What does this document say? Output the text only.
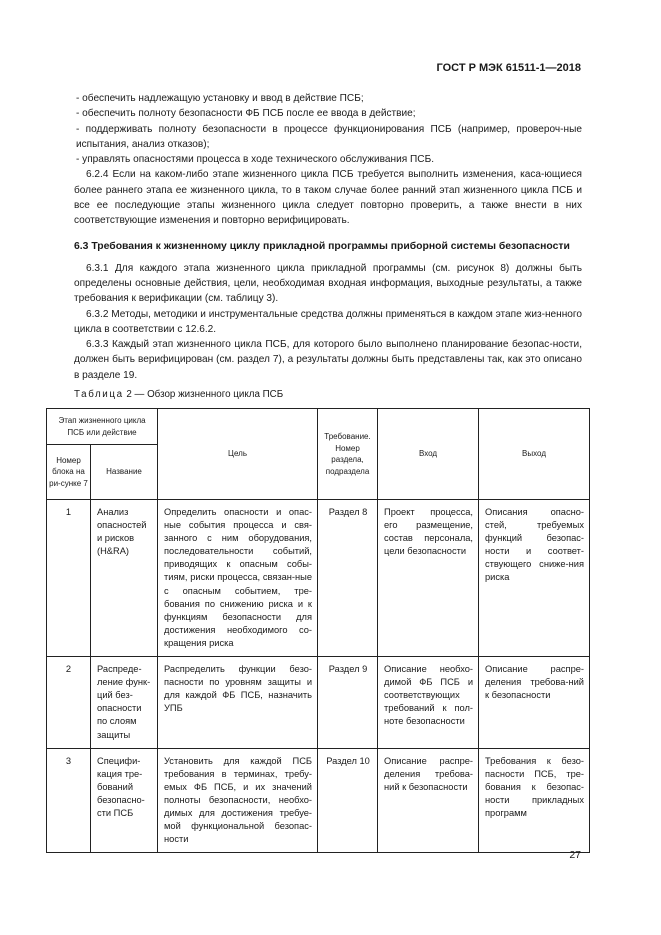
ГОСТ Р МЭК 61511-1—2018

- обеспечить надлежащую установку и ввод в действие ПСБ;

- обеспечить полноту безопасности ФБ ПСБ после ее ввода в действие;

- поддерживать полноту безопасности в процессе функционирования ПСБ (например, провероч-ные испытания, анализ отказов);

- управлять опасностями процесса в ходе технического обслуживания ПСБ.

6.2.4 Если на каком-либо этапе жизненного цикла ПСБ требуется выполнить изменения, каса-ющиеся более раннего этапа ее жизненного цикла, то в таком случае более ранний этап жизненного цикла ПСБ и все ее последующие этапы жизненного цикла следует повторно проверить, а также внести в них соответствующие изменения и повторно верифицировать.

6.3 Требования к жизненному циклу прикладной программы приборной системы безопасности

6.3.1 Для каждого этапа жизненного цикла прикладной программы (см. рисунок 8) должны быть определены основные действия, цели, необходимая входная информация, выходные результаты, а также требования к верификации (см. таблицу 3).

6.3.2 Методы, методики и инструментальные средства должны применяться в каждом этапе жиз-ненного цикла в соответствии с 12.6.2.

6.3.3 Каждый этап жизненного цикла ПСБ, для которого было выполнено планирование безопас-ности, должен быть верифицирован (см. раздел 7), а результаты должны быть представлены так, как это описано в разделе 19.

Таблица 2 — Обзор жизненного цикла ПСБ
Этап жизненного цикла ПСБ или действие		Цель	Требование. Номер раздела, подраздела	Вход	Выход
Номер блока на ри-сунке 7	Название				
1	Анализ опасностей и рисков (H&RA)	Определить опасности и опас-ные события процесса и свя-занного с ним оборудования, последовательности событий, приводящих к опасным собы-тиям, риски процесса, связан-ные с опасным событием, тре-бования по снижению риска и к функциям безопасности для достижения необходимого со-кращения риска	Раздел 8	Проект процесса, его размещение, состав персонала, цели безопасности	Описания опасно-стей, требуемых функций безопас-ности и соответ-ствующего сниже-ния риска
2	Распреде-ление функ-ций без-опасности по слоям защиты	Распределить функции безо-пасности по уровням защиты и для каждой ФБ ПСБ, назначить УПБ	Раздел 9	Описание необхо-димой ФБ ПСБ и соответствующих требований к пол-ноте безопасности	Описание распре-деления требова-ний к безопасности
3	Специфи-кация тре-бований безопасно-сти ПСБ	Установить для каждой ПСБ требования в терминах, требу-емых ФБ ПСБ, и их значений полноты безопасности, необхо-димых для достижения требуе-мой функциональной безопас-ности	Раздел 10	Описание распре-деления требова-ний к безопасности	Требования к безо-пасности ПСБ, тре-бования к безопас-ности прикладных программ
27
